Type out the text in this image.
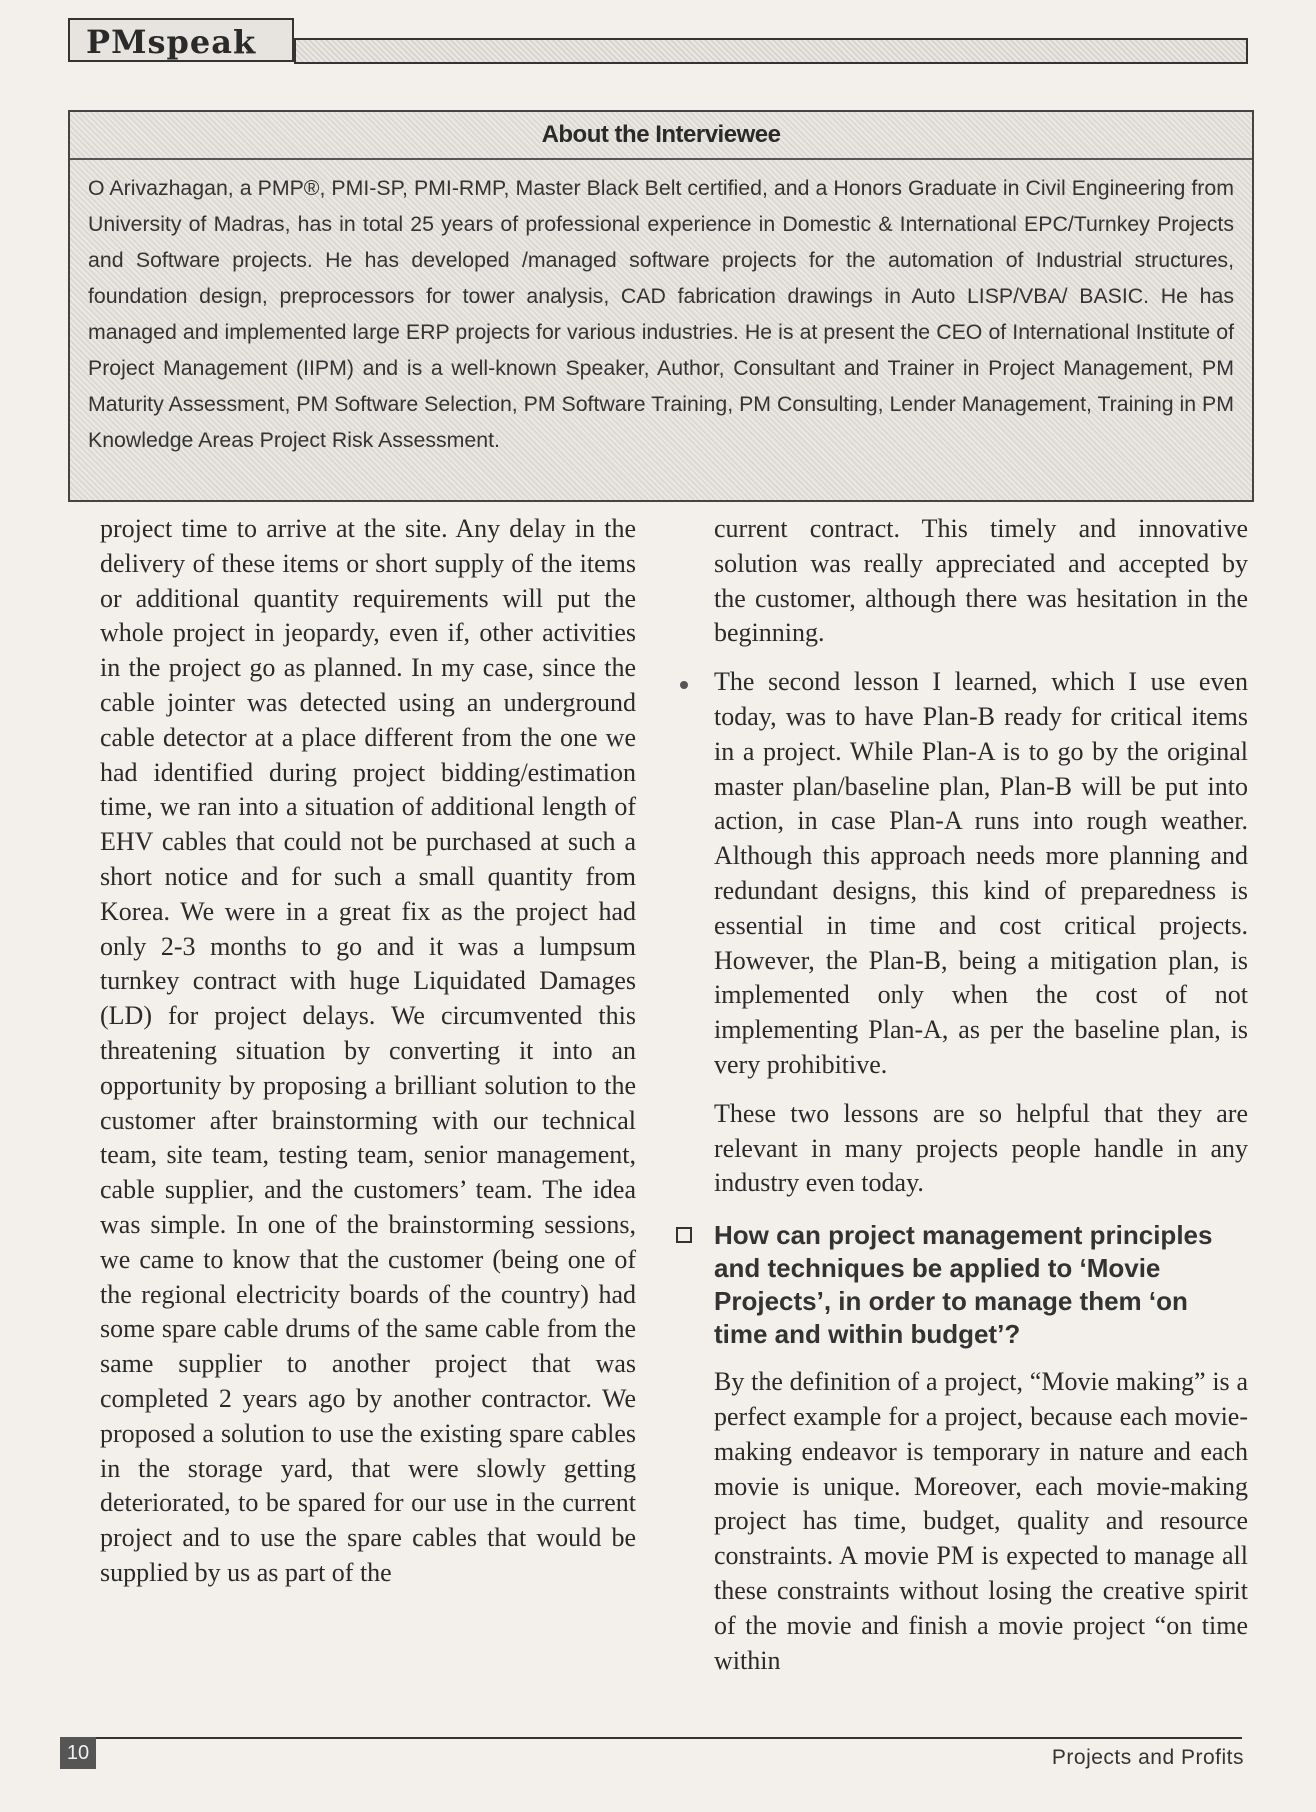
PMspeak
About the Interviewee
O Arivazhagan, a PMP®, PMI-SP, PMI-RMP, Master Black Belt certified, and a Honors Graduate in Civil Engineering from University of Madras, has in total 25 years of professional experience in Domestic & International EPC/Turnkey Projects and Software projects. He has developed /managed software projects for the automation of Industrial structures, foundation design, preprocessors for tower analysis, CAD fabrication drawings in Auto LISP/VBA/ BASIC. He has managed and implemented large ERP projects for various industries. He is at present the CEO of International Institute of Project Management (IIPM) and is a well-known Speaker, Author, Consultant and Trainer in Project Management, PM Maturity Assessment, PM Software Selection, PM Software Training, PM Consulting, Lender Management, Training in PM Knowledge Areas Project Risk Assessment.

project time to arrive at the site. Any delay in the delivery of these items or short supply of the items or additional quantity requirements will put the whole project in jeopardy, even if, other activities in the project go as planned. In my case, since the cable jointer was detected using an underground cable detector at a place different from the one we had identified during project bidding/estimation time, we ran into a situation of additional length of EHV cables that could not be purchased at such a short notice and for such a small quantity from Korea. We were in a great fix as the project had only 2-3 months to go and it was a lumpsum turnkey contract with huge Liquidated Damages (LD) for project delays. We circumvented this threatening situation by converting it into an opportunity by proposing a brilliant solution to the customer after brainstorming with our technical team, site team, testing team, senior management, cable supplier, and the customers’ team. The idea was simple. In one of the brainstorming sessions, we came to know that the customer (being one of the regional electricity boards of the country) had some spare cable drums of the same cable from the same supplier to another project that was completed 2 years ago by another contractor. We proposed a solution to use the existing spare cables in the storage yard, that were slowly getting deteriorated, to be spared for our use in the current project and to use the spare cables that would be supplied by us as part of the

current contract. This timely and innovative solution was really appreciated and accepted by the customer, although there was hesitation in the beginning.

The second lesson I learned, which I use even today, was to have Plan-B ready for critical items in a project. While Plan-A is to go by the original master plan/baseline plan, Plan-B will be put into action, in case Plan-A runs into rough weather. Although this approach needs more planning and redundant designs, this kind of preparedness is essential in time and cost critical projects. However, the Plan-B, being a mitigation plan, is implemented only when the cost of not implementing Plan-A, as per the baseline plan, is very prohibitive.

These two lessons are so helpful that they are relevant in many projects people handle in any industry even today.

How can project management principles and techniques be applied to ‘Movie Projects’, in order to manage them ‘on time and within budget’?

By the definition of a project, “Movie making” is a perfect example for a project, because each movie-making endeavor is temporary in nature and each movie is unique. Moreover, each movie-making project has time, budget, quality and resource constraints. A movie PM is expected to manage all these constraints without losing the creative spirit of the movie and finish a movie project “on time within

10	Projects and Profits
